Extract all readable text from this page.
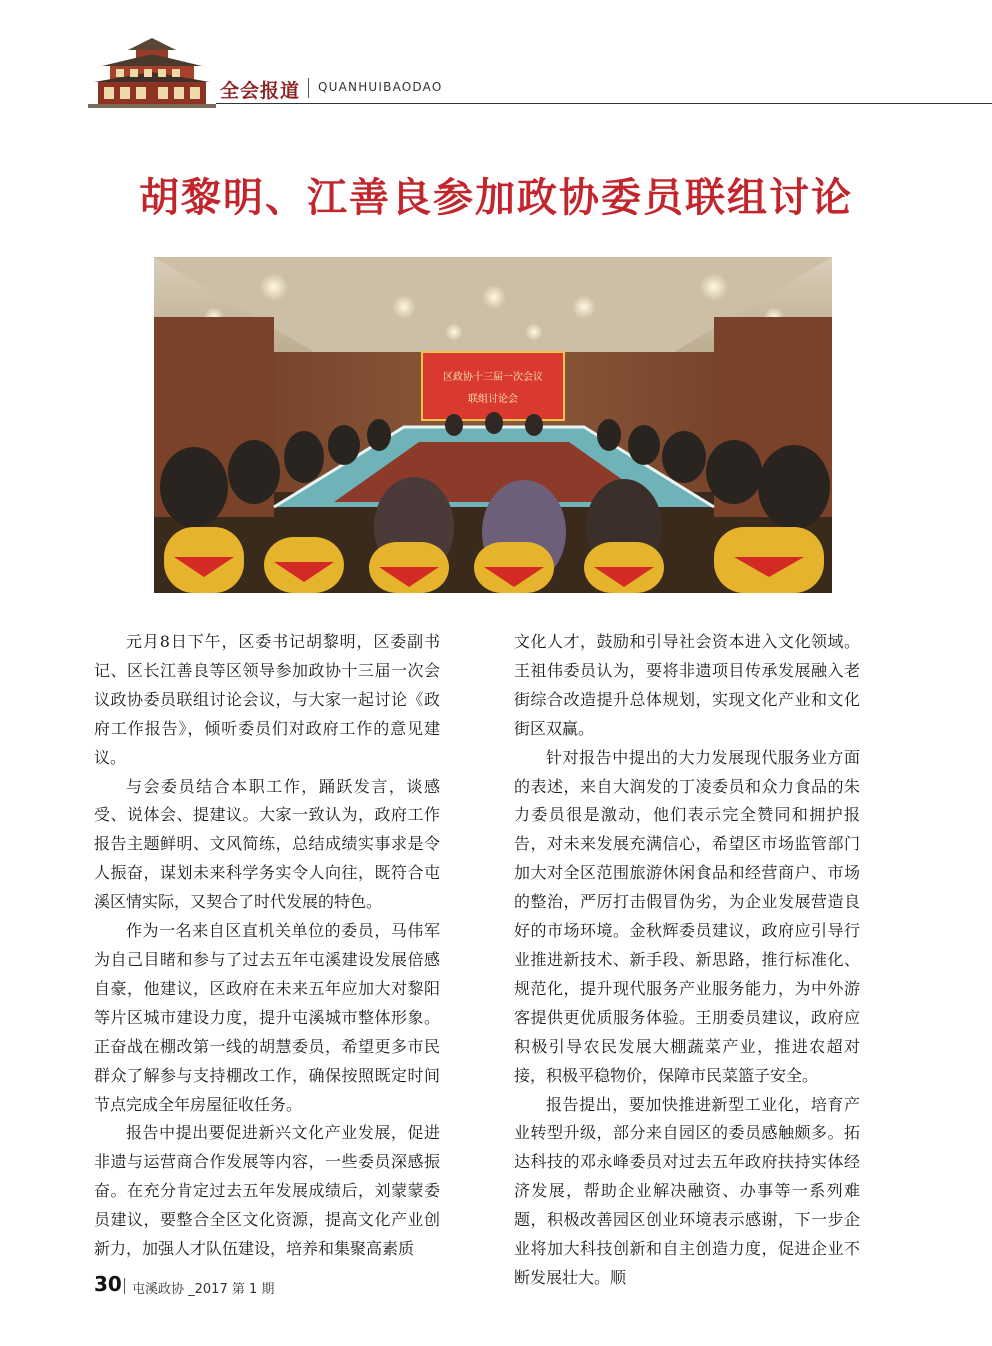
全会报道 QUANHUIBAODAO
胡黎明、江善良参加政协委员联组讨论
区政协十三届一次会议
联组讨论会

元月8日下午，区委书记胡黎明，区委副书记、区长江善良等区领导参加政协十三届一次会议政协委员联组讨论会议，与大家一起讨论《政府工作报告》，倾听委员们对政府工作的意见建议。

与会委员结合本职工作，踊跃发言，谈感受、说体会、提建议。大家一致认为，政府工作报告主题鲜明、文风简练，总结成绩实事求是令人振奋，谋划未来科学务实令人向往，既符合屯溪区情实际，又契合了时代发展的特色。

作为一名来自区直机关单位的委员，马伟军为自己目睹和参与了过去五年屯溪建设发展倍感自豪，他建议，区政府在未来五年应加大对黎阳等片区城市建设力度，提升屯溪城市整体形象。正奋战在棚改第一线的胡慧委员，希望更多市民群众了解参与支持棚改工作，确保按照既定时间节点完成全年房屋征收任务。

报告中提出要促进新兴文化产业发展，促进非遗与运营商合作发展等内容，一些委员深感振奋。在充分肯定过去五年发展成绩后，刘蒙蒙委员建议，要整合全区文化资源，提高文化产业创新力，加强人才队伍建设，培养和集聚高素质

文化人才，鼓励和引导社会资本进入文化领域。王祖伟委员认为，要将非遗项目传承发展融入老街综合改造提升总体规划，实现文化产业和文化街区双赢。

针对报告中提出的大力发展现代服务业方面的表述，来自大润发的丁凌委员和众力食品的朱力委员很是激动，他们表示完全赞同和拥护报告，对未来发展充满信心，希望区市场监管部门加大对全区范围旅游休闲食品和经营商户、市场的整治，严厉打击假冒伪劣，为企业发展营造良好的市场环境。金秋辉委员建议，政府应引导行业推进新技术、新手段、新思路，推行标准化、规范化，提升现代服务产业服务能力，为中外游客提供更优质服务体验。王朋委员建议，政府应积极引导农民发展大棚蔬菜产业，推进农超对接，积极平稳物价，保障市民菜篮子安全。

报告提出，要加快推进新型工业化，培育产业转型升级，部分来自园区的委员感触颇多。拓达科技的邓永峰委员对过去五年政府扶持实体经济发展，帮助企业解决融资、办事等一系列难题，积极改善园区创业环境表示感谢，下一步企业将加大科技创新和自主创造力度，促进企业不断发展壮大。顺

30 屯溪政协 _2017 第 1 期
